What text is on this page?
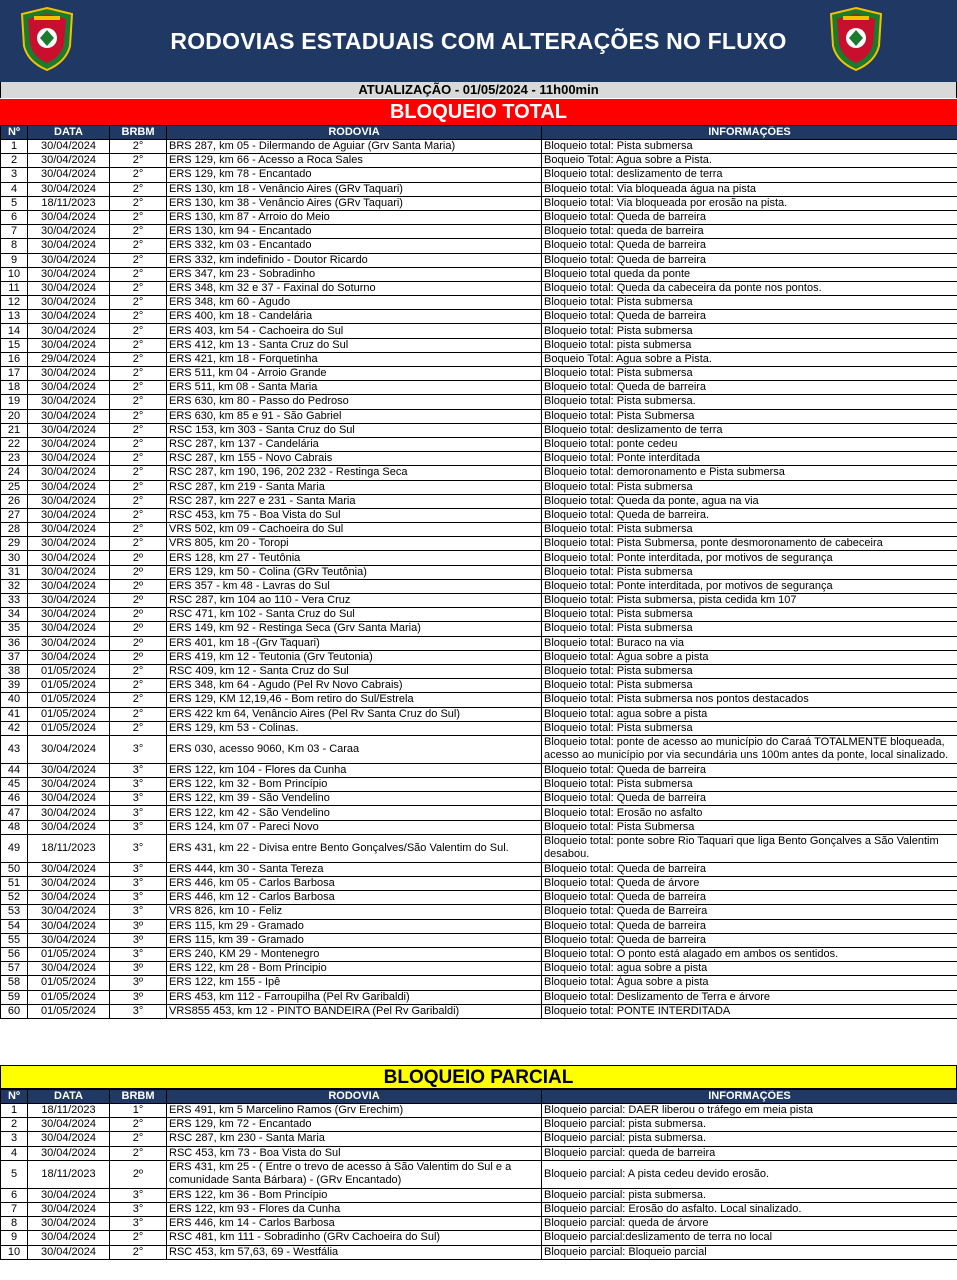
RODOVIAS ESTADUAIS COM ALTERAÇÕES NO FLUXO
ATUALIZAÇÃO - 01/05/2024 - 11h00min
BLOQUEIO TOTAL
Nº	DATA	BRBM	RODOVIA	INFORMAÇÕES
1	30/04/2024	2°	BRS 287, km 05 - Dilermando de Aguiar (Grv Santa Maria)	Bloqueio total: Pista submersa
2	30/04/2024	2°	ERS 129, km 66 - Acesso a Roca Sales	Boqueio Total: Agua sobre a Pista.
3	30/04/2024	2°	ERS 129, km 78 - Encantado	Bloqueio total: deslizamento de terra
4	30/04/2024	2°	ERS 130, km 18 - Venâncio Aires (GRv Taquari)	Bloqueio total: Via bloqueada água na pista
5	18/11/2023	2°	ERS 130, km 38 - Venâncio Aires (GRv Taquari)	Bloqueio total: Via bloqueada por erosão na pista.
6	30/04/2024	2°	ERS 130, km 87 - Arroio do Meio	Bloqueio total: Queda de barreira
7	30/04/2024	2°	ERS 130, km 94 - Encantado	Bloqueio total: queda de barreira
8	30/04/2024	2°	ERS 332, km 03 - Encantado	Bloqueio total: Queda de barreira
9	30/04/2024	2°	ERS 332, km indefinido - Doutor Ricardo	Bloqueio total: Queda de barreira
10	30/04/2024	2°	ERS 347, km 23 - Sobradinho	Bloqueio total queda da ponte
11	30/04/2024	2°	ERS 348, km 32 e 37 - Faxinal do Soturno	Bloqueio total: Queda da cabeceira da ponte nos pontos.
12	30/04/2024	2°	ERS 348, km 60 - Agudo	Bloqueio total: Pista submersa
13	30/04/2024	2°	ERS 400, km 18 - Candelária	Bloqueio total: Queda de barreira
14	30/04/2024	2°	ERS 403, km 54 - Cachoeira do Sul	Bloqueio total: Pista submersa
15	30/04/2024	2°	ERS 412, km 13 - Santa Cruz do Sul	Bloqueio total: pista submersa
16	29/04/2024	2°	ERS 421, km 18 - Forquetinha	Boqueio Total: Agua sobre a Pista.
17	30/04/2024	2°	ERS 511, km 04 - Arroio Grande	Bloqueio total: Pista submersa
18	30/04/2024	2°	ERS 511, km 08 - Santa Maria	Bloqueio total: Queda de barreira
19	30/04/2024	2°	ERS 630, km 80 - Passo do Pedroso	Bloqueio total: Pista submersa.
20	30/04/2024	2°	ERS 630, km 85 e 91 - São Gabriel	Bloqueio total: Pista Submersa
21	30/04/2024	2°	RSC 153, km 303 - Santa Cruz do Sul	Bloqueio total: deslizamento de terra
22	30/04/2024	2°	RSC 287, km 137 - Candelária	Bloqueio total: ponte cedeu
23	30/04/2024	2°	RSC 287, km 155 - Novo Cabrais	Bloqueio total: Ponte interditada
24	30/04/2024	2°	RSC 287, km 190, 196, 202 232 - Restinga Seca	Bloqueio total: demoronamento e Pista submersa
25	30/04/2024	2°	RSC 287, km 219 - Santa Maria	Bloqueio total: Pista submersa
26	30/04/2024	2°	RSC 287, km 227 e 231 - Santa Maria	Bloqueio total: Queda da ponte, agua na via
27	30/04/2024	2°	RSC 453, km 75 - Boa Vista do Sul	Bloqueio total: Queda de barreira.
28	30/04/2024	2°	VRS 502, km 09 - Cachoeira do Sul	Bloqueio total: Pista submersa
29	30/04/2024	2°	VRS 805, km 20 - Toropi	Bloqueio total: Pista Submersa, ponte desmoronamento de cabeceira
30	30/04/2024	2º	ERS 128, km 27 - Teutônia	Bloqueio total: Ponte interditada, por motivos de segurança
31	30/04/2024	2º	ERS 129, km 50 - Colina (GRv Teutônia)	Bloqueio total: Pista submersa
32	30/04/2024	2º	ERS 357 - km 48 - Lavras do Sul	Bloqueio total: Ponte interditada, por motivos de segurança
33	30/04/2024	2º	RSC 287, km 104 ao 110 - Vera Cruz	Bloqueio total: Pista submersa, pista cedida km 107
34	30/04/2024	2º	RSC 471, km 102 - Santa Cruz do Sul	Bloqueio total: Pista submersa
35	30/04/2024	2º	ERS 149, km 92 - Restinga Seca (Grv Santa Maria)	Bloqueio total: Pista submersa
36	30/04/2024	2º	ERS 401, km 18 -(Grv Taquari)	Bloqueio total: Buraco na via
37	30/04/2024	2º	ERS 419, km 12 - Teutonia (Grv Teutonia)	Bloqueio total: Água sobre a pista
38	01/05/2024	2°	RSC 409, km 12 - Santa Cruz do Sul	Bloqueio total: Pista submersa
39	01/05/2024	2°	ERS 348, km 64 - Agudo (Pel Rv Novo Cabrais)	Bloqueio total: Pista submersa
40	01/05/2024	2°	ERS 129, KM 12,19,46 - Bom retiro do Sul/Estrela	Bloqueio total: Pista submersa nos pontos destacados
41	01/05/2024	2°	ERS 422 km 64, Venâncio Aires (Pel Rv Santa Cruz do Sul)	Bloqueio total: agua sobre a pista
42	01/05/2024	2°	ERS 129, km 53 - Colinas.	Bloqueio total: Pista submersa
43	30/04/2024	3°	ERS 030, acesso 9060, Km 03 - Caraa	Bloqueio total: ponte de acesso ao município do Caraá TOTALMENTE bloqueada, acesso ao município por via secundária uns 100m antes da ponte, local sinalizado.
44	30/04/2024	3°	ERS 122, km 104 - Flores da Cunha	Bloqueio total: Queda de barreira
45	30/04/2024	3°	ERS 122, km 32 - Bom Princípio	Bloqueio total: Pista submersa
46	30/04/2024	3°	ERS 122, km 39 - São Vendelino	Bloqueio total: Queda de barreira
47	30/04/2024	3°	ERS 122, km 42 - São Vendelino	Bloqueio total: Erosão no asfalto
48	30/04/2024	3°	ERS 124, km 07 - Pareci Novo	Bloqueio total: Pista Submersa
49	18/11/2023	3°	ERS 431, km 22 - Divisa entre Bento Gonçalves/São Valentim do Sul.	Bloqueio total: ponte sobre Rio Taquari que liga Bento Gonçalves a São Valentim desabou.
50	30/04/2024	3°	ERS 444, km 30 - Santa Tereza	Bloqueio total: Queda de barreira
51	30/04/2024	3°	ERS 446, km 05 - Carlos Barbosa	Bloqueio total: Queda de árvore
52	30/04/2024	3°	ERS 446, km 12 - Carlos Barbosa	Bloqueio total: Queda de barreira
53	30/04/2024	3°	VRS 826, km 10 - Feliz	Bloqueio total: Queda de Barreira
54	30/04/2024	3º	ERS 115, km 29 - Gramado	Bloqueio total: Queda de barreira
55	30/04/2024	3º	ERS 115, km 39 - Gramado	Bloqueio total: Queda de barreira
56	01/05/2024	3°	ERS 240, KM 29 - Montenegro	Bloqueio total: O ponto está alagado em ambos os sentidos.
57	30/04/2024	3º	ERS 122, km 28 - Bom Principio	Bloqueio total: agua sobre a pista
58	01/05/2024	3º	ERS 122, km 155 - Ipê	Bloqueio total: Água sobre a pista
59	01/05/2024	3º	ERS 453, km 112 - Farroupilha (Pel Rv Garibaldi)	Bloqueio total: Deslizamento de Terra e árvore
60	01/05/2024	3°	VRS855 453, km 12 - PINTO BANDEIRA (Pel Rv Garibaldi)	Bloqueio total: PONTE INTERDITADA
BLOQUEIO PARCIAL
Nº	DATA	BRBM	RODOVIA	INFORMAÇÕES
1	18/11/2023	1°	ERS 491, km 5 Marcelino Ramos (Grv Erechim)	Bloqueio parcial: DAER liberou o tráfego em meia pista
2	30/04/2024	2°	ERS 129, km 72 - Encantado	Bloqueio parcial: pista submersa.
3	30/04/2024	2°	RSC 287, km 230 - Santa Maria	Bloqueio parcial: pista submersa.
4	30/04/2024	2°	RSC 453, km 73 - Boa Vista do Sul	Bloqueio parcial: queda de barreira
5	18/11/2023	2º	ERS 431, km 25 - ( Entre o trevo de acesso à São Valentim do Sul e a comunidade Santa Bárbara) - (GRv Encantado)	Bloqueio parcial: A pista cedeu devido erosão.
6	30/04/2024	3°	ERS 122, km 36 - Bom Princípio	Bloqueio parcial: pista submersa.
7	30/04/2024	3°	ERS 122, km 93 - Flores da Cunha	Bloqueio parcial: Erosão do asfalto. Local sinalizado.
8	30/04/2024	3°	ERS 446, km 14 - Carlos Barbosa	Bloqueio parcial: queda de árvore
9	30/04/2024	2°	RSC 481, km 111 - Sobradinho (GRv Cachoeira do Sul)	Bloqueio parcial:deslizamento de terra no local
10	30/04/2024	2°	RSC 453, km 57,63, 69 - Westfália	Bloqueio parcial: Bloqueio parcial
